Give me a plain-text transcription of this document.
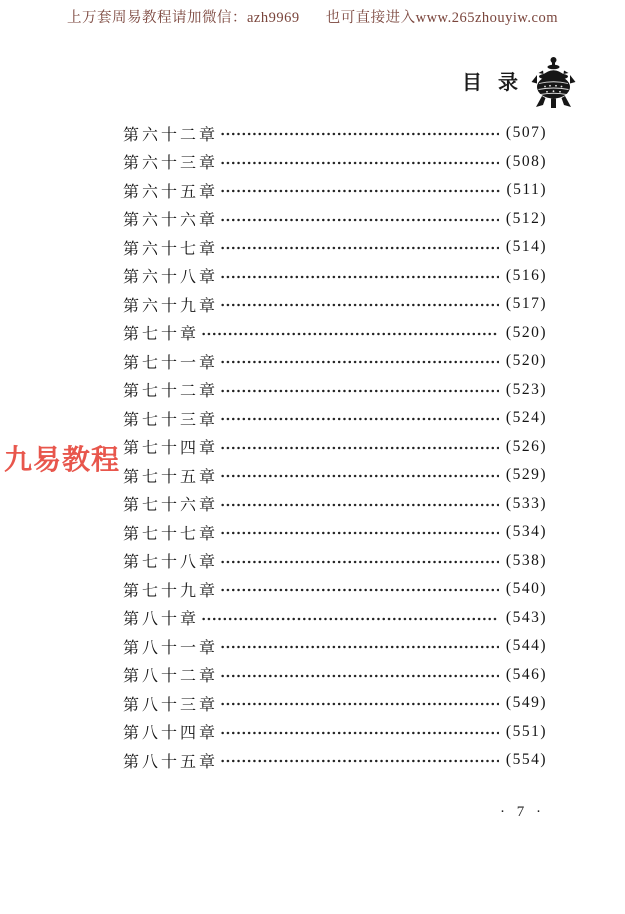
上万套周易教程请加微信：azh9969 也可直接进入www.265zhouyiw.com
目  录
第六十二章	(507)
第六十三章	(508)
第六十五章	(511)
第六十六章	(512)
第六十七章	(514)
第六十八章	(516)
第六十九章	(517)
第七十章	(520)
第七十一章	(520)
第七十二章	(523)
第七十三章	(524)
第七十四章	(526)
第七十五章	(529)
第七十六章	(533)
第七十七章	(534)
第七十八章	(538)
第七十九章	(540)
第八十章	(543)
第八十一章	(544)
第八十二章	(546)
第八十三章	(549)
第八十四章	(551)
第八十五章	(554)
九易教程
· 7 ·
